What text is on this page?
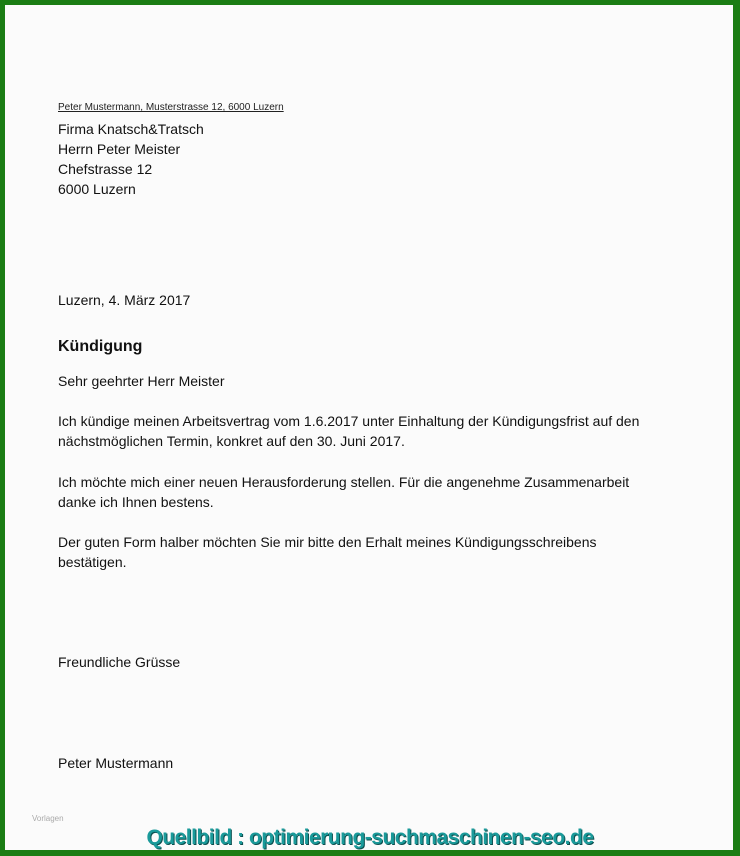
Peter Mustermann, Musterstrasse 12, 6000 Luzern
Firma Knatsch&Tratsch
Herrn Peter Meister
Chefstrasse 12
6000 Luzern
Luzern, 4. März 2017
Kündigung
Sehr geehrter Herr Meister
Ich kündige meinen Arbeitsvertrag vom 1.6.2017 unter Einhaltung der Kündigungsfrist auf den
nächstmöglichen Termin, konkret auf den 30. Juni 2017.
Ich möchte mich einer neuen Herausforderung stellen. Für die angenehme Zusammenarbeit
danke ich Ihnen bestens.
Der guten Form halber möchten Sie mir bitte den Erhalt meines Kündigungsschreibens
bestätigen.
Freundliche Grüsse
Peter Mustermann
Vorlagen
Quellbild : optimierung-suchmaschinen-seo.de
